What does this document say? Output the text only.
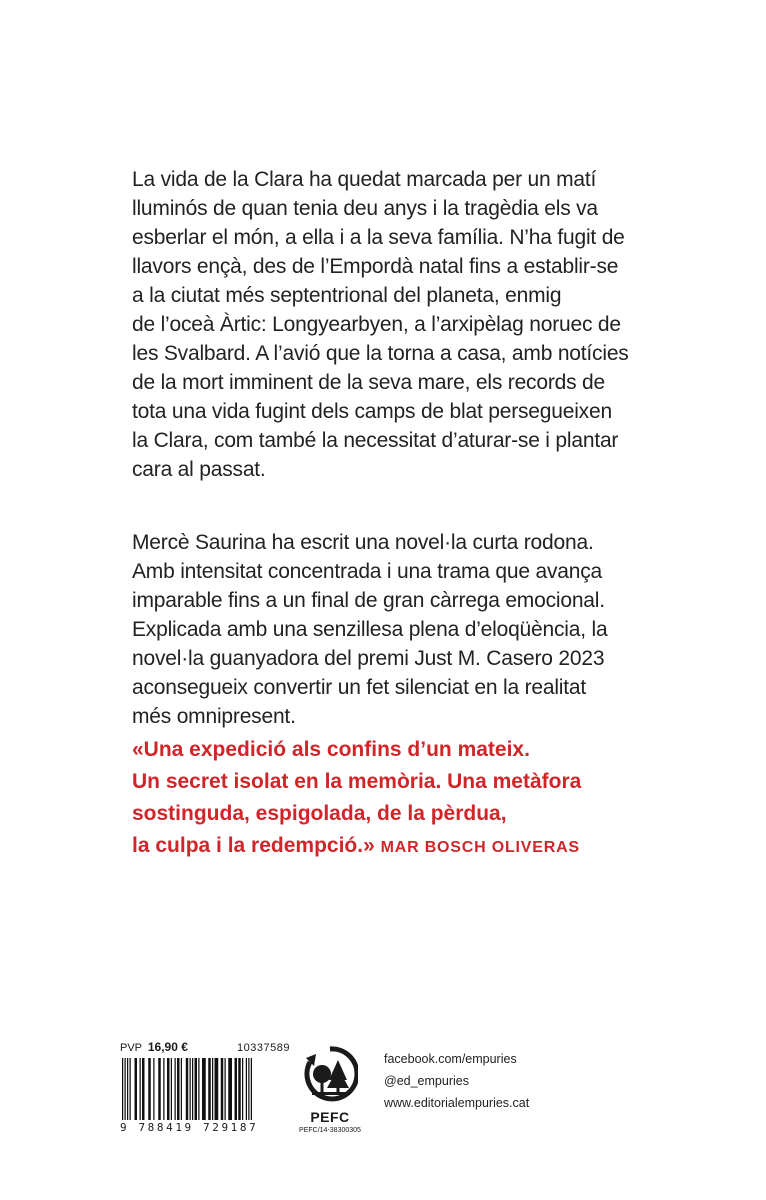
La vida de la Clara ha quedat marcada per un matí
lluminós de quan tenia deu anys i la tragèdia els va
esberlar el món, a ella i a la seva família. N’ha fugit de
llavors ençà, des de l’Empordà natal fins a establir-se
a la ciutat més septentrional del planeta, enmig
de l’oceà Àrtic: Longyearbyen, a l’arxipèlag noruec de
les Svalbard. A l’avió que la torna a casa, amb notícies
de la mort imminent de la seva mare, els records de
tota una vida fugint dels camps de blat persegueixen
la Clara, com també la necessitat d’aturar-se i plantar
cara al passat.
Mercè Saurina ha escrit una novel·la curta rodona.
Amb intensitat concentrada i una trama que avança
imparable fins a un final de gran càrrega emocional.
Explicada amb una senzillesa plena d’eloqüència, la
novel·la guanyadora del premi Just M. Casero 2023
aconsegueix convertir un fet silenciat en la realitat
més omnipresent.
«Una expedició als confins d’un mateix.
Un secret isolat en la memòria. Una metàfora
sostinguda, espigolada, de la pèrdua,
la culpa i la redempció.» MAR BOSCH OLIVERAS
PVP 16,90 €	10337589
9 788419 729187
PEFC
PEFC/14-38300305
facebook.com/empuries
@ed_empuries
www.editorialempuries.cat
